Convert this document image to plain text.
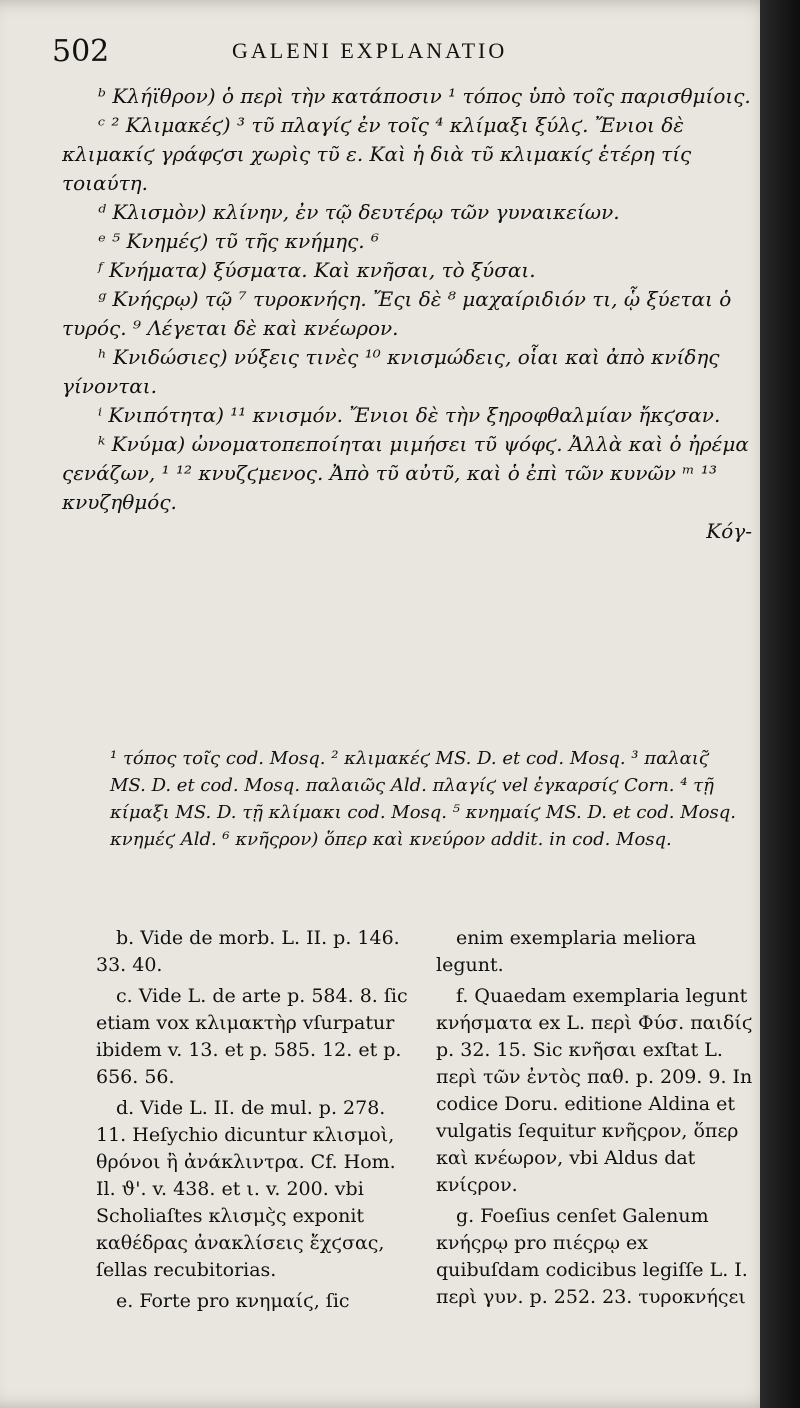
502	GALENI EXPLANATIO

ᵇ Κλήϊθρον) ὁ περὶ τὴν κατάποσιν ¹ τόπος ὑπὸ τοῖς παρισθμίοις.

ᶜ ² Κλιμακέϛ) ³ τῦ πλαγίϛ ἐν τοῖς ⁴ κλίμαξι ξύλϛ. Ἔνιοι δὲ κλιμακίϛ γράφϛσι χωρὶς τῦ ε. Καὶ ἡ διὰ τῦ κλιμακίϛ ἑτέρη τίς τοιαύτη.

ᵈ Κλισμὸν) κλίνην, ἐν τῷ δευτέρῳ τῶν γυναικείων.

ᵉ ⁵ Κνημέϛ) τῦ τῆς κνήμης. ⁶

ᶠ Κνήματα) ξύσματα. Καὶ κνῆσαι, τὸ ξύσαι.

ᵍ Κνήςρῳ) τῷ ⁷ τυροκνήςη. Ἔςι δὲ ⁸ μαχαίριδιόν τι, ᾧ ξύεται ὁ τυρός. ⁹ Λέγεται δὲ καὶ κνέωρον.

ʰ Κνιδώσιες) νύξεις τινὲς ¹⁰ κνισμώδεις, οἷαι καὶ ἀπὸ κνίδης γίνονται.

ⁱ Κνιπότητα) ¹¹ κνισμόν. Ἔνιοι δὲ τὴν ξηροφθαλμίαν ἤκϛσαν.

ᵏ Κνύμα) ὠνοματοπεποίηται μιμήσει τῦ ψόφϛ. Ἀλλὰ καὶ ὁ ἠρέμα ςενάζων, ¹ ¹² κνυζϛμενος. Ἀπὸ τῦ αὐτῦ, καὶ ὁ ἐπὶ τῶν κυνῶν ᵐ ¹³ κνυζηθμός.

Κόγ-

¹ τόπος τοῖς cod. Mosq. ² κλιμακέϛ MS. D. et cod. Mosq. ³ παλαιϛ̃ MS. D. et cod. Mosq. παλαιῶς Ald. πλαγίϛ vel ἐγκαρσίϛ Corn. ⁴ τῇ κίμαξι MS. D. τῇ κλίμακι cod. Mosq. ⁵ κνημαίϛ MS. D. et cod. Mosq. κνημέϛ Ald. ⁶ κνῆςρον) ὅπερ καὶ κνεύρον addit. in cod. Mosq.

b. Vide de morb. L. II. p. 146. 33. 40.

c. Vide L. de arte p. 584. 8. ſic etiam vox κλιμακτὴρ vſurpatur ibidem v. 13. et p. 585. 12. et p. 656. 56.

d. Vide L. II. de mul. p. 278. 11. Heſychio dicuntur κλισμοὶ, θρόνοι ἢ ἀνάκλιντρα. Cf. Hom. Il. ϑ'. v. 438. et ι. v. 200. vbi Scholiaſtes κλισμϛ̀ς exponit καθέδρας ἀνακλίσεις ἔχϛσας, ſellas recubitorias.

e. Forte pro κνημαίϛ, ſic

enim exemplaria meliora legunt.

f. Quaedam exemplaria legunt κνήσματα ex L. περὶ Φύσ. παιδίϛ p. 32. 15. Sic κνῆσαι exſtat L. περὶ τῶν ἐντὸς παθ. p. 209. 9. In codice Doru. editione Aldina et vulgatis ſequitur κνῆςρον, ὅπερ καὶ κνέωρον, vbi Aldus dat κνίςρον.

g. Foeſius cenſet Galenum κνήςρῳ pro πιέςρῳ ex quibuſdam codicibus legiſſe L. I. περὶ γυν. p. 252. 23. τυροκνήςει
